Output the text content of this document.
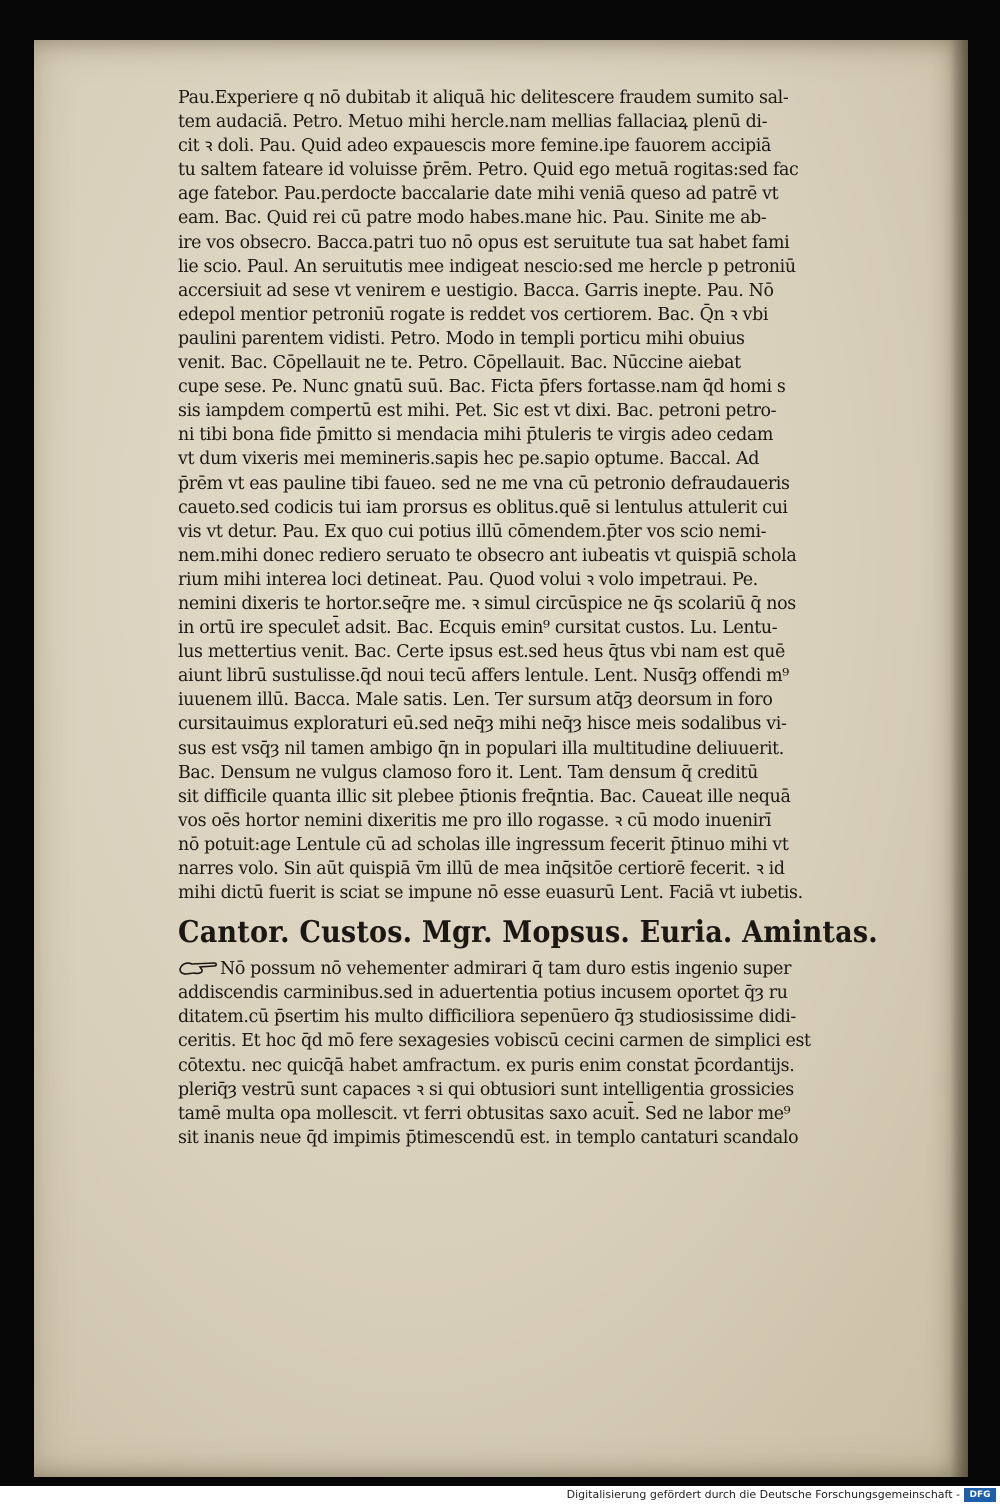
Pau.Experiere q nō dubitab it aliquā hic delitescere fraudem sumito sal-
tem audaciā. Petro. Metuo mihi hercle.nam mellias fallaciaꝝ plenū di-
cit ꝛ doli. Pau. Quid adeo expauescis more femine.ipe fauorem accipiā
tu saltem fateare id voluisse p̄rēm. Petro. Quid ego metuā rogitas:sed fac
age fatebor. Pau.perdocte baccalarie date mihi veniā queso ad patrē vt
eam. Bac. Quid rei cū patre modo habes.mane hic. Pau. Sinite me ab-
ire vos obsecro. Bacca.patri tuo nō opus est seruitute tua sat habet fami
lie scio. Paul. An seruitutis mee indigeat nescio:sed me hercle p petroniū
accersiuit ad sese vt venirem e uestigio. Bacca. Garris inepte. Pau. Nō
edepol mentior petroniū rogate is reddet vos certiorem. Bac. Q̄n ꝛ vbi
paulini parentem vidisti. Petro. Modo in templi porticu mihi obuius
venit. Bac. Cōpellauit ne te. Petro. Cōpellauit. Bac. Nūccine aiebat
cupe sese. Pe. Nunc gnatū suū. Bac. Ficta p̄fers fortasse.nam q̄d homi s
sis iampdem compertū est mihi. Pet. Sic est vt dixi. Bac. petroni petro-
ni tibi bona fide p̄mitto si mendacia mihi p̄tuleris te virgis adeo cedam
vt dum vixeris mei memineris.sapis hec pe.sapio optume. Baccal. Ad
p̄rēm vt eas pauline tibi faueo. sed ne me vna cū petronio defraudaueris
caueto.sed codicis tui iam prorsus es oblitus.quē si lentulus attulerit cui
vis vt detur. Pau. Ex quo cui potius illū cōmendem.p̄ter vos scio nemi-
nem.mihi donec rediero seruato te obsecro ant iubeatis vt quispiā schola
rium mihi interea loci detineat. Pau. Quod volui ꝛ volo impetraui. Pe.
nemini dixeris te hortor.seq̄re me. ꝛ simul circūspice ne q̄s scolariū q̄ nos
in ortū ire speculet̄ adsit. Bac. Ecquis emin⁹ cursitat custos. Lu. Lentu-
lus mettertius venit. Bac. Certe ipsus est.sed heus q̄tus vbi nam est quē
aiunt librū sustulisse.q̄d noui tecū affers lentule. Lent. Nusq̄ȝ offendi m⁹
iuuenem illū. Bacca. Male satis. Len. Ter sursum atq̄ȝ deorsum in foro
cursitauimus exploraturi eū.sed neq̄ȝ mihi neq̄ȝ hisce meis sodalibus vi-
sus est vsq̄ȝ nil tamen ambigo q̄n in populari illa multitudine deliuuerit.
Bac. Densum ne vulgus clamoso foro it. Lent. Tam densum q̄ creditū
sit difficile quanta illic sit plebee p̄tionis freq̄ntia. Bac. Caueat ille nequā
vos oēs hortor nemini dixeritis me pro illo rogasse. ꝛ cū modo inuenirī
nō potuit:age Lentule cū ad scholas ille ingressum fecerit p̄tinuo mihi vt
narres volo. Sin aūt quispiā v̄m illū de mea inq̄sitōe certiorē fecerit. ꝛ id
mihi dictū fuerit is sciat se impune nō esse euasurū Lent. Faciā vt iubetis.
Cantor. Custos. Mgr. Mopsus. Euria. Amintas.
Nō possum nō vehementer admirari q̄ tam duro estis ingenio super
addiscendis carminibus.sed in aduertentia potius incusem oportet q̄ȝ ru
ditatem.cū p̄sertim his multo difficiliora sepenūero q̄ȝ studiosissime didi-
ceritis. Et hoc q̄d mō fere sexagesies vobiscū cecini carmen de simplici est
cōtextu. nec quicq̄ā habet amfractum. ex puris enim constat p̄cordantijs.
pleriq̄ȝ vestrū sunt capaces ꝛ si qui obtusiori sunt intelligentia grossicies
tamē multa opa mollescit. vt ferri obtusitas saxo acuit̄. Sed ne labor me⁹
sit inanis neue q̄d impimis p̄timescendū est. in templo cantaturi scandalo
Digitalisierung gefördert durch die Deutsche Forschungsgemeinschaft -	DFG
